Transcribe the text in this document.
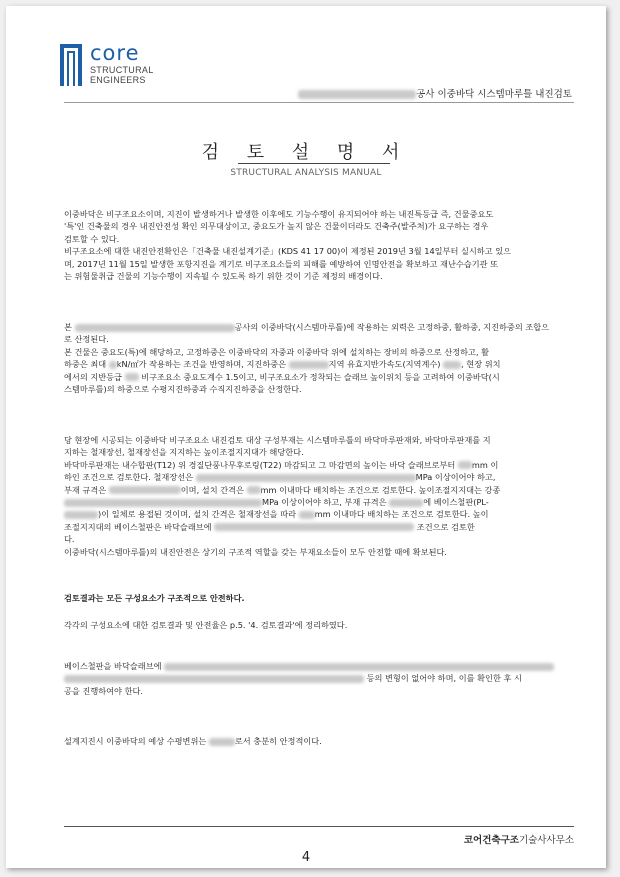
core
STRUCTURAL
ENGINEERS
공사 이중바닥 시스템마루틀 내진검토
검 토 설 명 서
STRUCTURAL ANALYSIS MANUAL

이중바닥은 비구조요소이며, 지진이 발생하거나 발생한 이후에도 기능수행이 유지되어야 하는 내진특등급 즉, 건물중요도

'특'인 건축물의 경우 내진안전성 확인 의무대상이고, 중요도가 높지 않은 건물이더라도 건축주(발주처)가 요구하는 경우

검토할 수 있다.

비구조요소에 대한 내진안전확인은「건축물 내진설계기준」(KDS 41 17 00)이 제정된 2019년 3월 14일부터 실시하고 있으

며, 2017년 11월 15일 발생한 포항지진을 계기로 비구조요소들의 피해를 예방하여 인명안전을 확보하고 재난수습기관 또

는 위험물취급 건물의 기능수행이 지속될 수 있도록 하기 위한 것이 기준 제정의 배경이다.

본	공사의 이중바닥(시스템마루틀)에 작용하는 외력은 고정하중, 활하중, 지진하중의 조합으

로 산정된다.

본 건물은 중요도(특)에 해당하고, 고정하중은 이중바닥의 자중과 이중바닥 위에 설치하는 장비의 하중으로 산정하고, 활

하중은 최대 kN/㎡가 작용하는 조건을 반영하며, 지진하중은	지역 유효지반가속도(지역계수) , 현장 위치

에서의 지반등급  비구조요소 중요도계수 1.5이고, 비구조요소가 정착되는 슬래브 높이위치 등을 고려하여 이중바닥(시

스템마루틀)의 하중으로 수평지진하중과 수직지진하중을 산정한다.

당 현장에 시공되는 이중바닥 비구조요소 내진검토 대상 구성부재는 시스템마루틀의 바닥마루판재와, 바닥마루판재를 지

지하는 철재장선, 철재장선을 지지하는 높이조절지지대가 해당한다.

바닥마루판재는 내수합판(T12) 위 경질단풍나무후로링(T22) 마감되고 그 마감면의 높이는 바닥 슬래브로부터 mm 이

하인 조건으로 검토한다. 철재장선은	MPa 이상이어야 하고,

부재 규격은	이며, 설치 간격은 mm 이내마다 배치하는 조건으로 검토한다. 높이조절지지대는 강종

MPa 이상이어야 하고, 부재 규격은	에 베이스철판(PL-

)이 일체로 용접된 것이며, 설치 간격은 철재장선을 따라 mm 이내마다 배치하는 조건으로 검토한다. 높이

조절지지대의 베이스철판은 바닥슬래브에	조건으로 검토한

다.

이중바닥(시스템마루틀)의 내진안전은 상기의 구조적 역할을 갖는 부재요소들이 모두 안전할 때에 확보된다.

검토결과는 모든 구성요소가 구조적으로 안전하다.
각각의 구성요소에 대한 검토결과 및 안전율은 p.5. '4. 검토결과'에 정리하였다.

베이스철판을 바닥슬래브에

등의 변형이 없어야 하며, 이를 확인한 후 시

공을 진행하여야 한다.

설계지진시 이중바닥의 예상 수평변위는	로서 충분히 안정적이다.
코어건축구조기술사사무소
4
